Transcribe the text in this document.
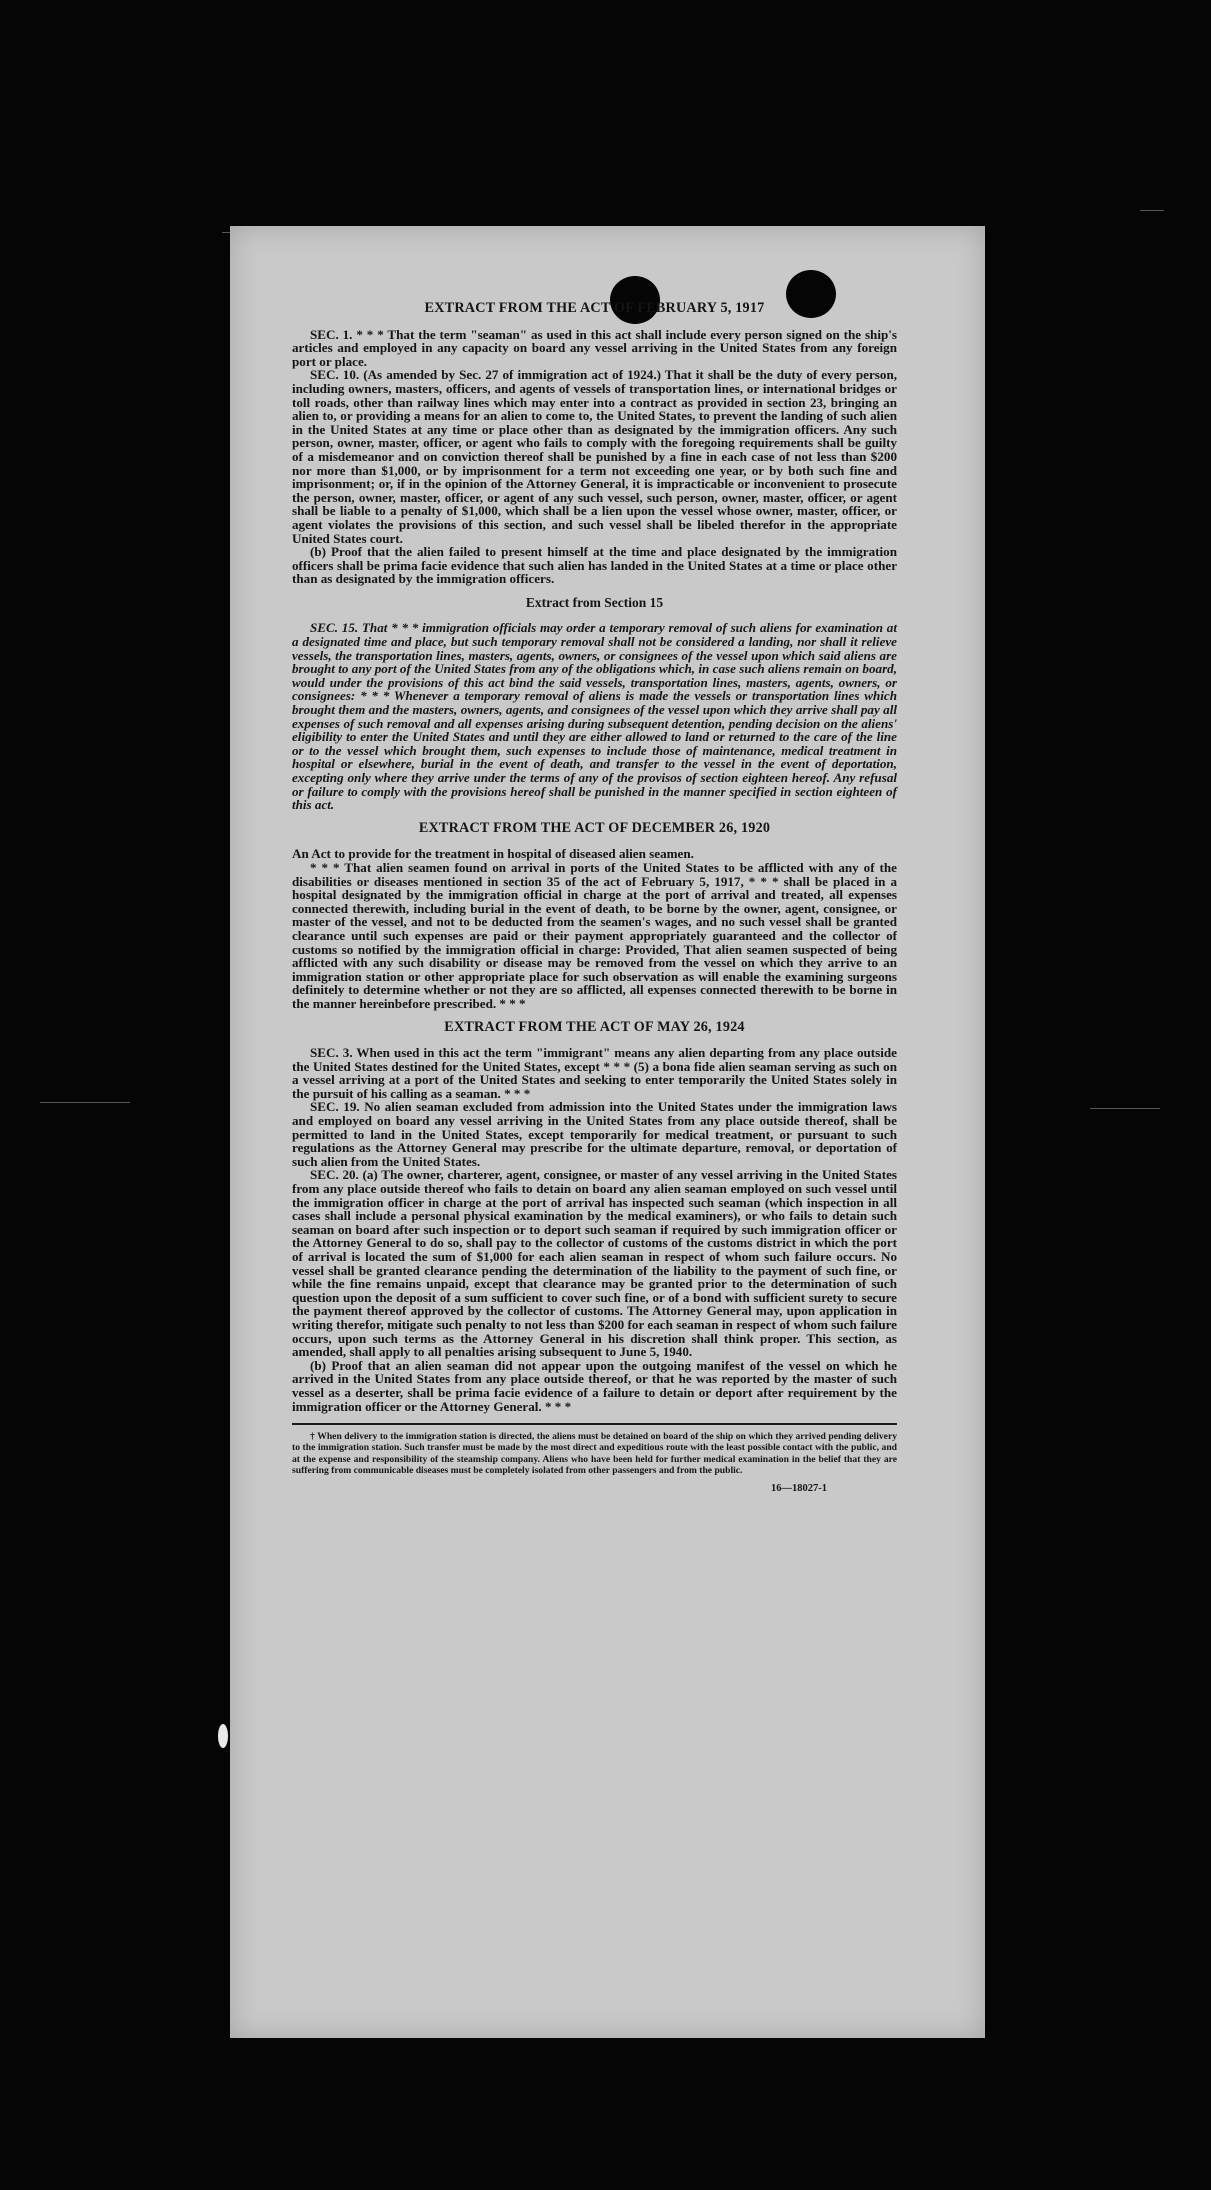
EXTRACT FROM THE ACT OF FEBRUARY 5, 1917

SEC. 1. * * * That the term "seaman" as used in this act shall include every person signed on the ship's articles and employed in any capacity on board any vessel arriving in the United States from any foreign port or place.

SEC. 10. (As amended by Sec. 27 of immigration act of 1924.) That it shall be the duty of every person, including owners, masters, officers, and agents of vessels of transportation lines, or international bridges or toll roads, other than railway lines which may enter into a contract as provided in section 23, bringing an alien to, or providing a means for an alien to come to, the United States, to prevent the landing of such alien in the United States at any time or place other than as designated by the immigration officers. Any such person, owner, master, officer, or agent who fails to comply with the foregoing requirements shall be guilty of a misdemeanor and on conviction thereof shall be punished by a fine in each case of not less than $200 nor more than $1,000, or by imprisonment for a term not exceeding one year, or by both such fine and imprisonment; or, if in the opinion of the Attorney General, it is impracticable or inconvenient to prosecute the person, owner, master, officer, or agent of any such vessel, such person, owner, master, officer, or agent shall be liable to a penalty of $1,000, which shall be a lien upon the vessel whose owner, master, officer, or agent violates the provisions of this section, and such vessel shall be libeled therefor in the appropriate United States court.

(b) Proof that the alien failed to present himself at the time and place designated by the immigration officers shall be prima facie evidence that such alien has landed in the United States at a time or place other than as designated by the immigration officers.

Extract from Section 15

SEC. 15. That * * * immigration officials may order a temporary removal of such aliens for examination at a designated time and place, but such temporary removal shall not be considered a landing, nor shall it relieve vessels, the transportation lines, masters, agents, owners, or consignees of the vessel upon which said aliens are brought to any port of the United States from any of the obligations which, in case such aliens remain on board, would under the provisions of this act bind the said vessels, transportation lines, masters, agents, owners, or consignees: * * * Whenever a temporary removal of aliens is made the vessels or transportation lines which brought them and the masters, owners, agents, and consignees of the vessel upon which they arrive shall pay all expenses of such removal and all expenses arising during subsequent detention, pending decision on the aliens' eligibility to enter the United States and until they are either allowed to land or returned to the care of the line or to the vessel which brought them, such expenses to include those of maintenance, medical treatment in hospital or elsewhere, burial in the event of death, and transfer to the vessel in the event of deportation, excepting only where they arrive under the terms of any of the provisos of section eighteen hereof. Any refusal or failure to comply with the provisions hereof shall be punished in the manner specified in section eighteen of this act.

EXTRACT FROM THE ACT OF DECEMBER 26, 1920

An Act to provide for the treatment in hospital of diseased alien seamen.

* * * That alien seamen found on arrival in ports of the United States to be afflicted with any of the disabilities or diseases mentioned in section 35 of the act of February 5, 1917, * * * shall be placed in a hospital designated by the immigration official in charge at the port of arrival and treated, all expenses connected therewith, including burial in the event of death, to be borne by the owner, agent, consignee, or master of the vessel, and not to be deducted from the seamen's wages, and no such vessel shall be granted clearance until such expenses are paid or their payment appropriately guaranteed and the collector of customs so notified by the immigration official in charge: Provided, That alien seamen suspected of being afflicted with any such disability or disease may be removed from the vessel on which they arrive to an immigration station or other appropriate place for such observation as will enable the examining surgeons definitely to determine whether or not they are so afflicted, all expenses connected therewith to be borne in the manner hereinbefore prescribed. * * *

EXTRACT FROM THE ACT OF MAY 26, 1924

SEC. 3. When used in this act the term "immigrant" means any alien departing from any place outside the United States destined for the United States, except * * * (5) a bona fide alien seaman serving as such on a vessel arriving at a port of the United States and seeking to enter temporarily the United States solely in the pursuit of his calling as a seaman. * * *

SEC. 19. No alien seaman excluded from admission into the United States under the immigration laws and employed on board any vessel arriving in the United States from any place outside thereof, shall be permitted to land in the United States, except temporarily for medical treatment, or pursuant to such regulations as the Attorney General may prescribe for the ultimate departure, removal, or deportation of such alien from the United States.

SEC. 20. (a) The owner, charterer, agent, consignee, or master of any vessel arriving in the United States from any place outside thereof who fails to detain on board any alien seaman employed on such vessel until the immigration officer in charge at the port of arrival has inspected such seaman (which inspection in all cases shall include a personal physical examination by the medical examiners), or who fails to detain such seaman on board after such inspection or to deport such seaman if required by such immigration officer or the Attorney General to do so, shall pay to the collector of customs of the customs district in which the port of arrival is located the sum of $1,000 for each alien seaman in respect of whom such failure occurs. No vessel shall be granted clearance pending the determination of the liability to the payment of such fine, or while the fine remains unpaid, except that clearance may be granted prior to the determination of such question upon the deposit of a sum sufficient to cover such fine, or of a bond with sufficient surety to secure the payment thereof approved by the collector of customs. The Attorney General may, upon application in writing therefor, mitigate such penalty to not less than $200 for each seaman in respect of whom such failure occurs, upon such terms as the Attorney General in his discretion shall think proper. This section, as amended, shall apply to all penalties arising subsequent to June 5, 1940.

(b) Proof that an alien seaman did not appear upon the outgoing manifest of the vessel on which he arrived in the United States from any place outside thereof, or that he was reported by the master of such vessel as a deserter, shall be prima facie evidence of a failure to detain or deport after requirement by the immigration officer or the Attorney General. * * *

† When delivery to the immigration station is directed, the aliens must be detained on board of the ship on which they arrived pending delivery to the immigration station. Such transfer must be made by the most direct and expeditious route with the least possible contact with the public, and at the expense and responsibility of the steamship company. Aliens who have been held for further medical examination in the belief that they are suffering from communicable diseases must be completely isolated from other passengers and from the public.

16—18027-1
